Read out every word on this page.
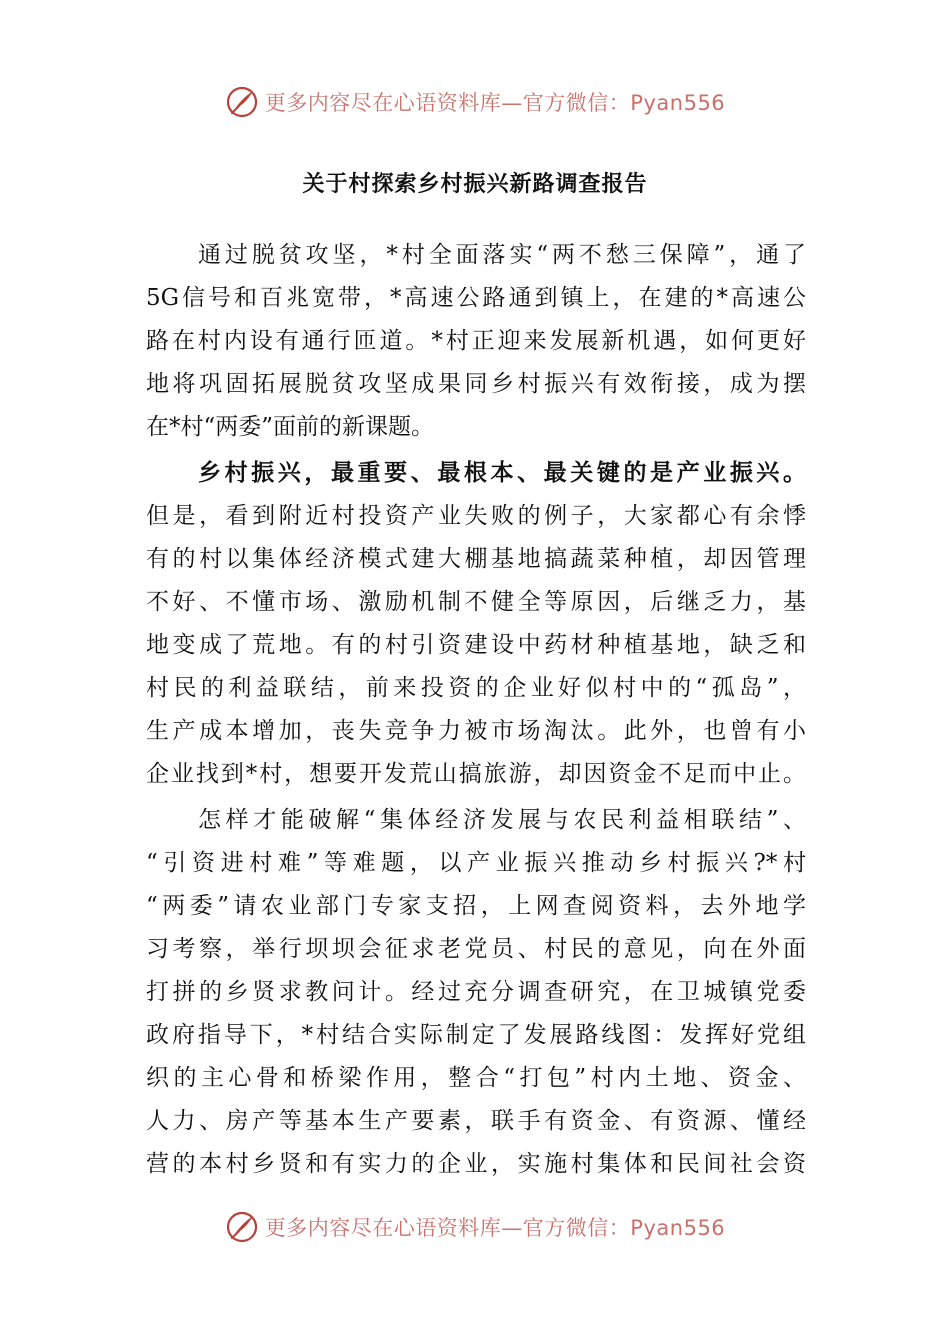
更多内容尽在心语资料库—官方微信：Pyan556
关于村探索乡村振兴新路调查报告
通过脱贫攻坚，*村全面落实“两不愁三保障”，通了
5G信号和百兆宽带，*高速公路通到镇上，在建的*高速公
路在村内设有通行匝道。*村正迎来发展新机遇，如何更好
地将巩固拓展脱贫攻坚成果同乡村振兴有效衔接，成为摆
在*村“两委”面前的新课题。
乡村振兴，最重要、最根本、最关键的是产业振兴。
但是，看到附近村投资产业失败的例子，大家都心有余悸
有的村以集体经济模式建大棚基地搞蔬菜种植，却因管理
不好、不懂市场、激励机制不健全等原因，后继乏力，基
地变成了荒地。有的村引资建设中药材种植基地，缺乏和
村民的利益联结，前来投资的企业好似村中的“孤岛”，
生产成本增加，丧失竞争力被市场淘汰。此外，也曾有小
企业找到*村，想要开发荒山搞旅游，却因资金不足而中止。
怎样才能破解“集体经济发展与农民利益相联结”、
“引资进村难”等难题，以产业振兴推动乡村振兴?*村
“两委”请农业部门专家支招，上网查阅资料，去外地学
习考察，举行坝坝会征求老党员、村民的意见，向在外面
打拼的乡贤求教问计。经过充分调查研究，在卫城镇党委
政府指导下，*村结合实际制定了发展路线图：发挥好党组
织的主心骨和桥梁作用，整合“打包”村内土地、资金、
人力、房产等基本生产要素，联手有资金、有资源、懂经
营的本村乡贤和有实力的企业，实施村集体和民间社会资
更多内容尽在心语资料库—官方微信：Pyan556
